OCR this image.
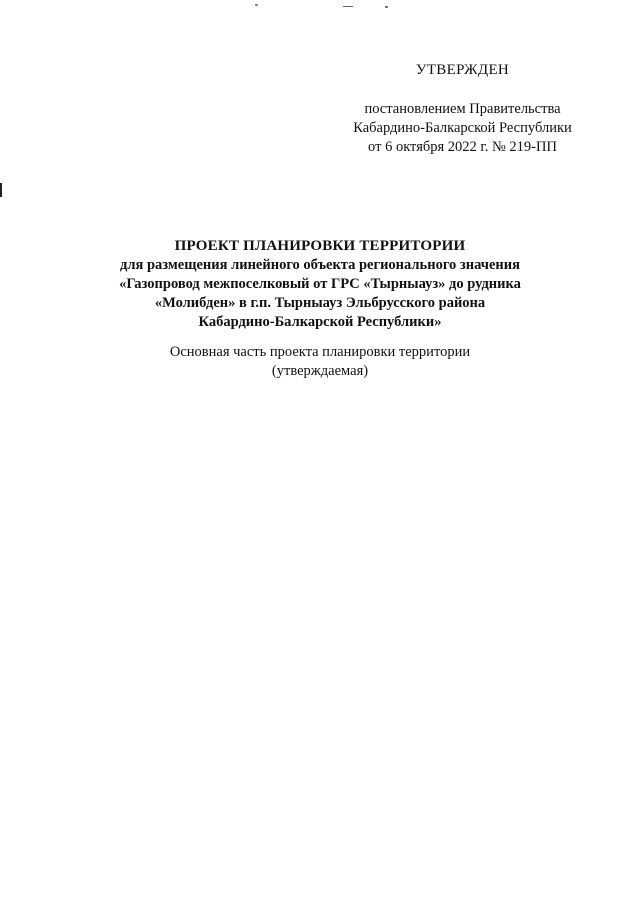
УТВЕРЖДЕН
постановлением Правительства
Кабардино-Балкарской Республики
от 6 октября 2022 г. № 219-ПП
ПРОЕКТ ПЛАНИРОВКИ ТЕРРИТОРИИ
для размещения линейного объекта регионального значения
«Газопровод межпоселковый от ГРС «Тырныауз» до рудника
«Молибден» в г.п. Тырныауз Эльбрусского района
Кабардино-Балкарской Республики»
Основная часть проекта планировки территории
(утверждаемая)
